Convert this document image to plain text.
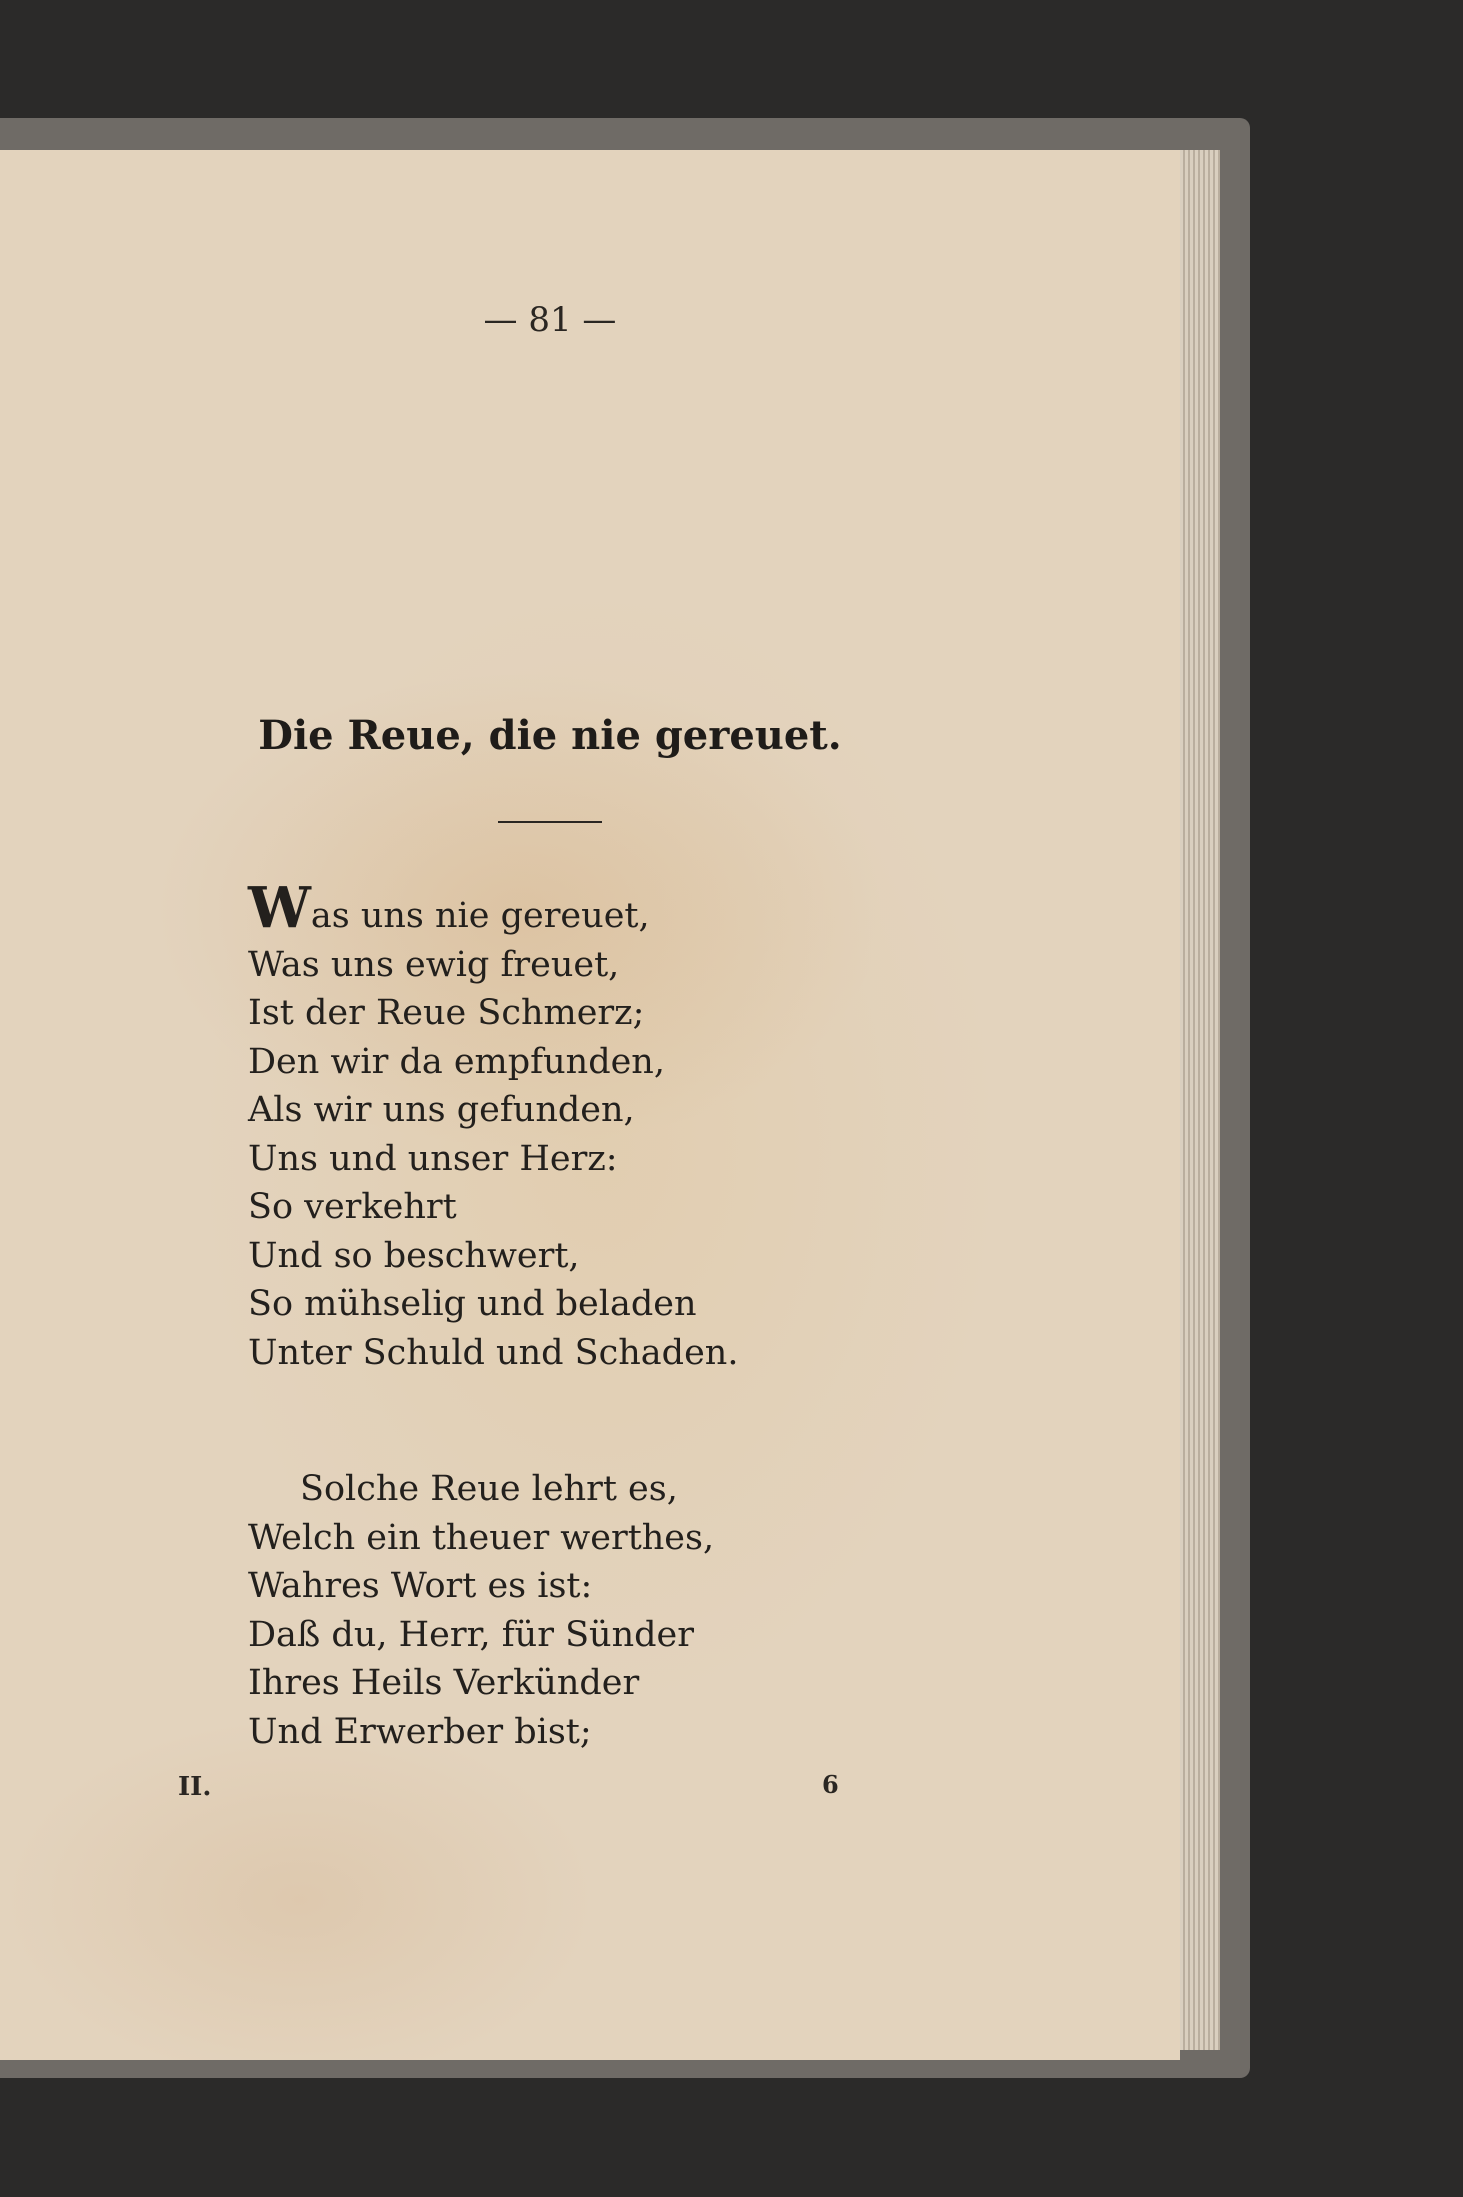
— 81 —
Die Reue, die nie gereuet.
Was uns nie gereuet,
Was uns ewig freuet,
Ist der Reue Schmerz;
Den wir da empfunden,
Als wir uns gefunden,
Uns und unser Herz:
So verkehrt
Und so beschwert,
So mühselig und beladen
Unter Schuld und Schaden.
Solche Reue lehrt es,
Welch ein theuer werthes,
Wahres Wort es ist:
Daß du, Herr, für Sünder
Ihres Heils Verkünder
Und Erwerber bist;
II.	6
